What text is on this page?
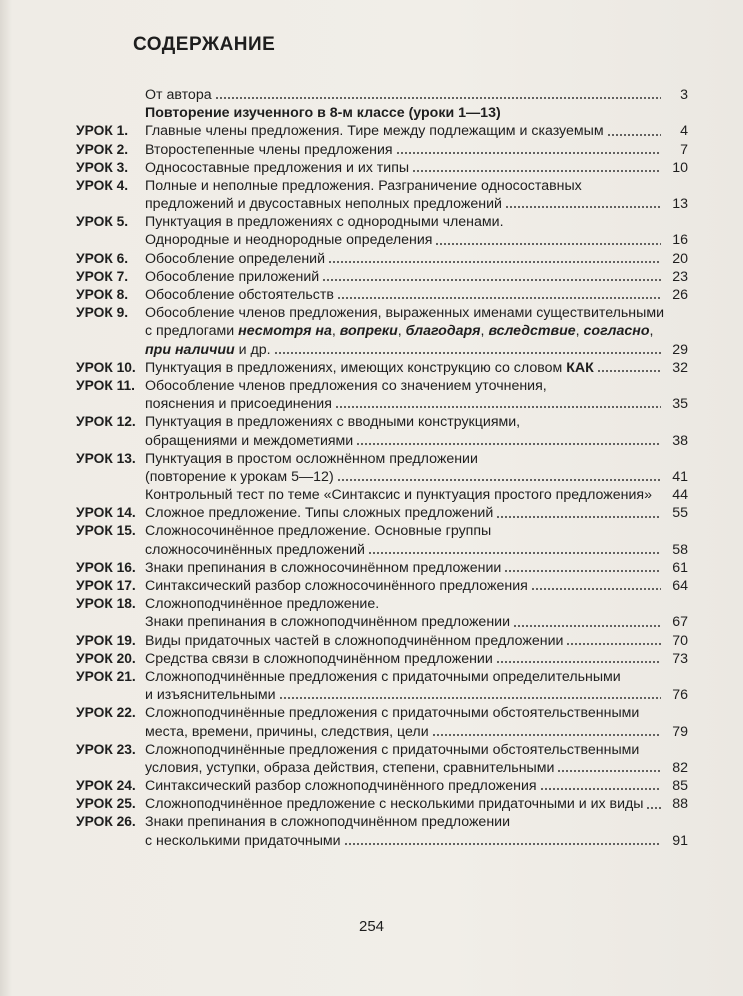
СОДЕРЖАНИЕ
От автора	3
Повторение изученного в 8-м классе (уроки 1—13)
УРОК 1.	Главные члены предложения. Тире между подлежащим и сказуемым	4
УРОК 2.	Второстепенные члены предложения	7
УРОК 3.	Односоставные предложения и их типы	10
УРОК 4.	Полные и неполные предложения. Разграничение односоставных
предложений и двусоставных неполных предложений	13
УРОК 5.	Пунктуация в предложениях с однородными членами.
Однородные и неоднородные определения	16
УРОК 6.	Обособление определений	20
УРОК 7.	Обособление приложений	23
УРОК 8.	Обособление обстоятельств	26
УРОК 9.	Обособление членов предложения, выраженных именами существительными
с предлогами несмотря на, вопреки, благодаря, вследствие, согласно,
при наличии и др.	29
УРОК 10. Пунктуация в предложениях, имеющих конструкцию со словом КАК	32
УРОК 11. Обособление членов предложения со значением уточнения,
пояснения и присоединения	35
УРОК 12. Пунктуация в предложениях с вводными конструкциями,
обращениями и междометиями	38
УРОК 13. Пунктуация в простом осложнённом предложении
(повторение к урокам 5—12)	41
Контрольный тест по теме «Синтаксис и пунктуация простого предложения»	44
УРОК 14. Сложное предложение. Типы сложных предложений	55
УРОК 15. Сложносочинённое предложение. Основные группы
сложносочинённых предложений	58
УРОК 16. Знаки препинания в сложносочинённом предложении	61
УРОК 17. Синтаксический разбор сложносочинённого предложения	64
УРОК 18. Сложноподчинённое предложение.
Знаки препинания в сложноподчинённом предложении	67
УРОК 19. Виды придаточных частей в сложноподчинённом предложении	70
УРОК 20. Средства связи в сложноподчинённом предложении	73
УРОК 21. Сложноподчинённые предложения с придаточными определительными
и изъяснительными	76
УРОК 22. Сложноподчинённые предложения с придаточными обстоятельственными
места, времени, причины, следствия, цели	79
УРОК 23. Сложноподчинённые предложения с придаточными обстоятельственными
условия, уступки, образа действия, степени, сравнительными	82
УРОК 24. Синтаксический разбор сложноподчинённого предложения	85
УРОК 25. Сложноподчинённое предложение с несколькими придаточными и их виды	88
УРОК 26. Знаки препинания в сложноподчинённом предложении
с несколькими придаточными	91
254
